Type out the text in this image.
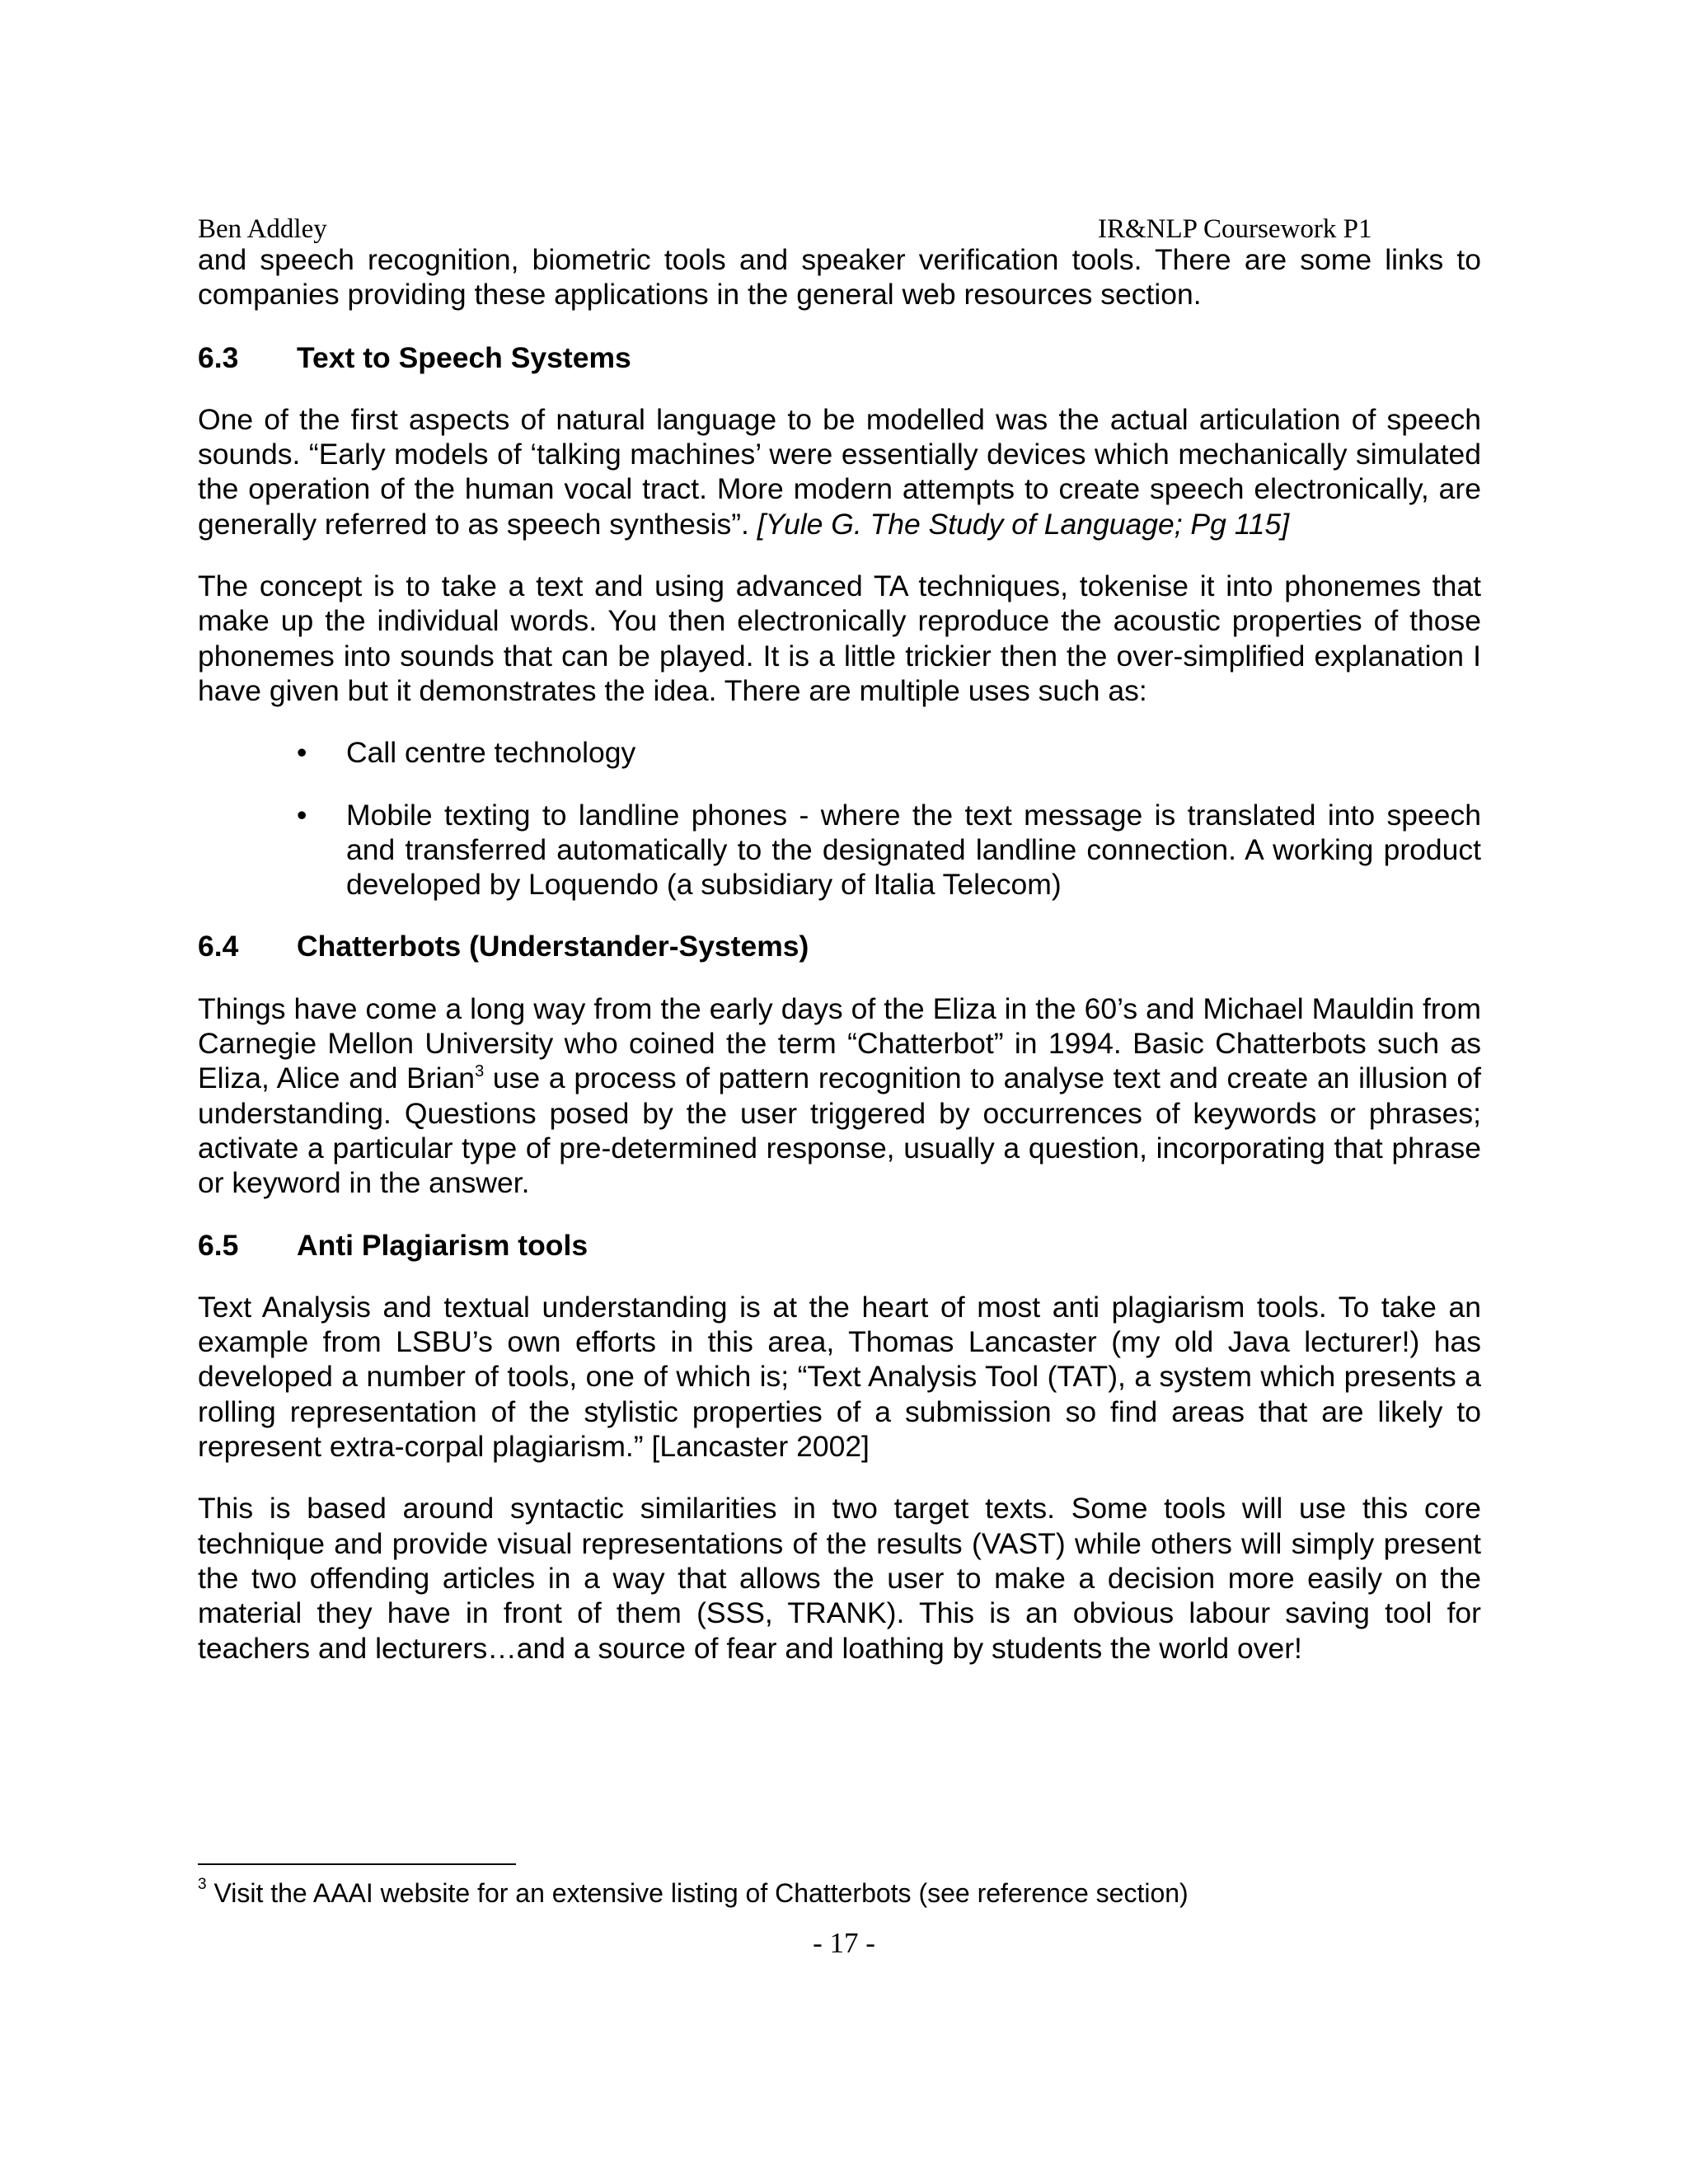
Ben Addley	IR&NLP Coursework P1

and speech recognition, biometric tools and speaker verification tools. There are some links to companies providing these applications in the general web resources section.

6.3	Text to Speech Systems

One of the first aspects of natural language to be modelled was the actual articulation of speech sounds. “Early models of ‘talking machines’ were essentially devices which mechanically simulated the operation of the human vocal tract. More modern attempts to create speech electronically, are generally referred to as speech synthesis”. [Yule G. The Study of Language; Pg 115]

The concept is to take a text and using advanced TA techniques, tokenise it into phonemes that make up the individual words. You then electronically reproduce the acoustic properties of those phonemes into sounds that can be played. It is a little trickier then the over-simplified explanation I have given but it demonstrates the idea. There are multiple uses such as:

• Call centre technology
• Mobile texting to landline phones - where the text message is translated into speech and transferred automatically to the designated landline connection. A working product developed by Loquendo (a subsidiary of Italia Telecom)
6.4	Chatterbots (Understander-Systems)

Things have come a long way from the early days of the Eliza in the 60’s and Michael Mauldin from Carnegie Mellon University who coined the term “Chatterbot” in 1994. Basic Chatterbots such as Eliza, Alice and Brian$^3$ use a process of pattern recognition to analyse text and create an illusion of understanding. Questions posed by the user triggered by occurrences of keywords or phrases; activate a particular type of pre-determined response, usually a question, incorporating that phrase or keyword in the answer.

6.5	Anti Plagiarism tools

Text Analysis and textual understanding is at the heart of most anti plagiarism tools. To take an example from LSBU’s own efforts in this area, Thomas Lancaster (my old Java lecturer!) has developed a number of tools, one of which is; “Text Analysis Tool (TAT), a system which presents a rolling representation of the stylistic properties of a submission so find areas that are likely to represent extra-corpal plagiarism.” [Lancaster 2002]

This is based around syntactic similarities in two target texts. Some tools will use this core technique and provide visual representations of the results (VAST) while others will simply present the two offending articles in a way that allows the user to make a decision more easily on the material they have in front of them (SSS, TRANK). This is an obvious labour saving tool for teachers and lecturers…and a source of fear and loathing by students the world over!

$^3$ Visit the AAAI website for an extensive listing of Chatterbots (see reference section)
- 17 -
